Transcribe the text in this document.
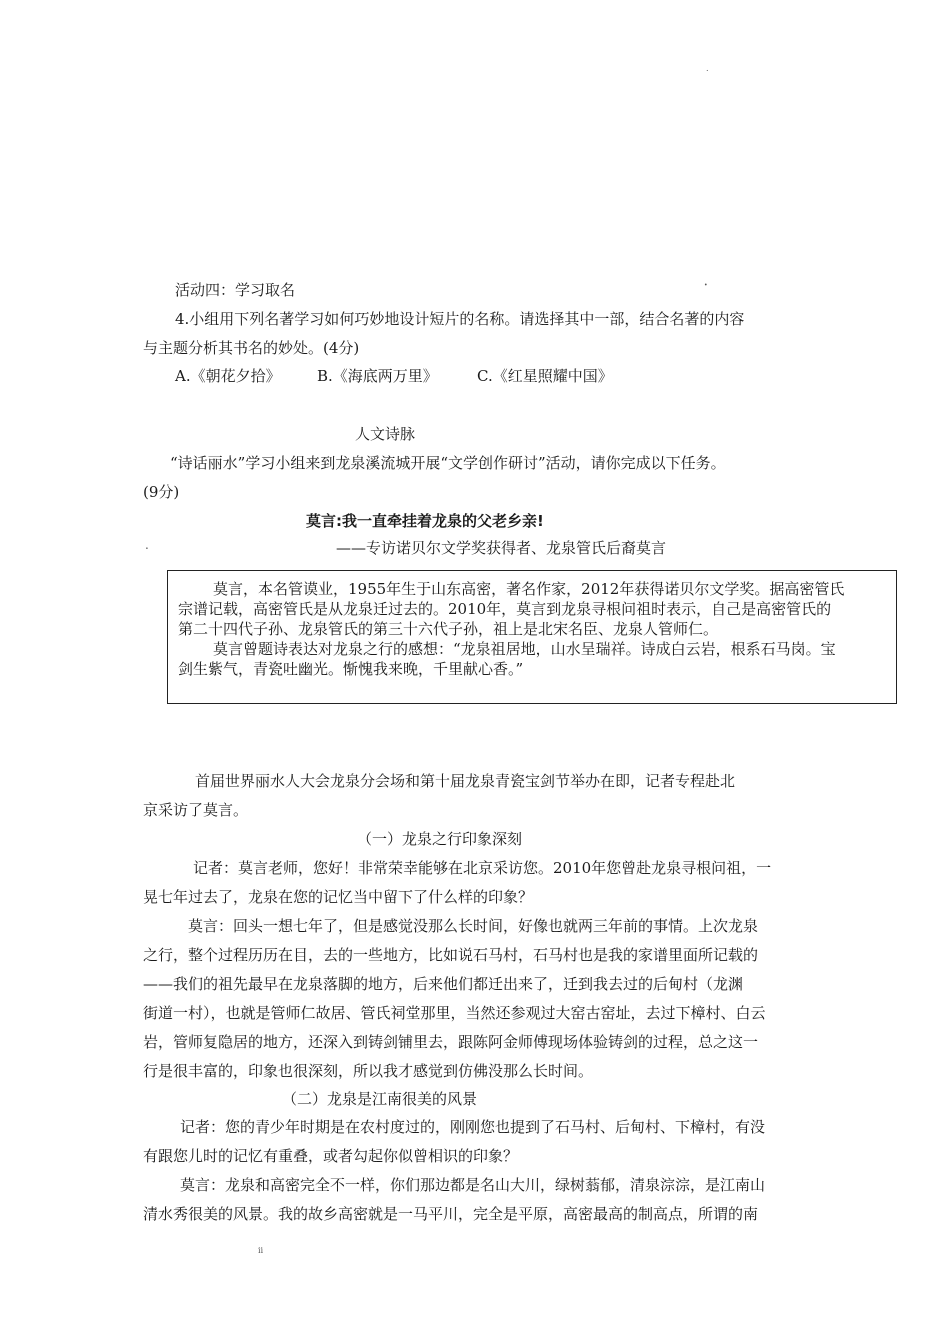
.
•
.
ⅱ
活动四：学习取名
4.小组用下列名著学习如何巧妙地设计短片的名称。请选择其中一部，结合名著的内容
与主题分析其书名的妙处。(4分)
A.《朝花夕拾》 B.《海底两万里》	C.《红星照耀中国》
人文诗脉
“诗话丽水”学习小组来到龙泉溪流城开展“文学创作研讨”活动，请你完成以下任务。
(9分)
莫言:我一直牵挂着龙泉的父老乡亲!
——专访诺贝尔文学奖获得者、龙泉管氏后裔莫言
莫言，本名管谟业，1955年生于山东高密，著名作家，2012年获得诺贝尔文学奖。据高密管氏
宗谱记载，高密管氏是从龙泉迁过去的。2010年，莫言到龙泉寻根问祖时表示，自己是高密管氏的
第二十四代子孙、龙泉管氏的第三十六代子孙，祖上是北宋名臣、龙泉人管师仁。
莫言曾题诗表达对龙泉之行的感想：“龙泉祖居地，山水呈瑞祥。诗成白云岩，根系石马岗。宝
剑生紫气，青瓷吐幽光。惭愧我来晚，千里献心香。”
首届世界丽水人大会龙泉分会场和第十届龙泉青瓷宝剑节举办在即，记者专程赴北
京采访了莫言。
（一）龙泉之行印象深刻
记者：莫言老师，您好！非常荣幸能够在北京采访您。2010年您曾赴龙泉寻根问祖，一
晃七年过去了，龙泉在您的记忆当中留下了什么样的印象？
莫言：回头一想七年了，但是感觉没那么长时间，好像也就两三年前的事情。上次龙泉
之行，整个过程历历在目，去的一些地方，比如说石马村，石马村也是我的家谱里面所记载的
——我们的祖先最早在龙泉落脚的地方，后来他们都迁出来了，迁到我去过的后甸村（龙渊
街道一村），也就是管师仁故居、管氏祠堂那里，当然还参观过大窑古窑址，去过下樟村、白云
岩，管师复隐居的地方，还深入到铸剑铺里去，跟陈阿金师傅现场体验铸剑的过程，总之这一
行是很丰富的，印象也很深刻，所以我才感觉到仿佛没那么长时间。
（二）龙泉是江南很美的风景
记者：您的青少年时期是在农村度过的，刚刚您也提到了石马村、后甸村、下樟村，有没
有跟您儿时的记忆有重叠，或者勾起你似曾相识的印象？
莫言：龙泉和高密完全不一样，你们那边都是名山大川，绿树蓊郁，清泉淙淙，是江南山
清水秀很美的风景。我的故乡高密就是一马平川，完全是平原，高密最高的制高点，所谓的南
